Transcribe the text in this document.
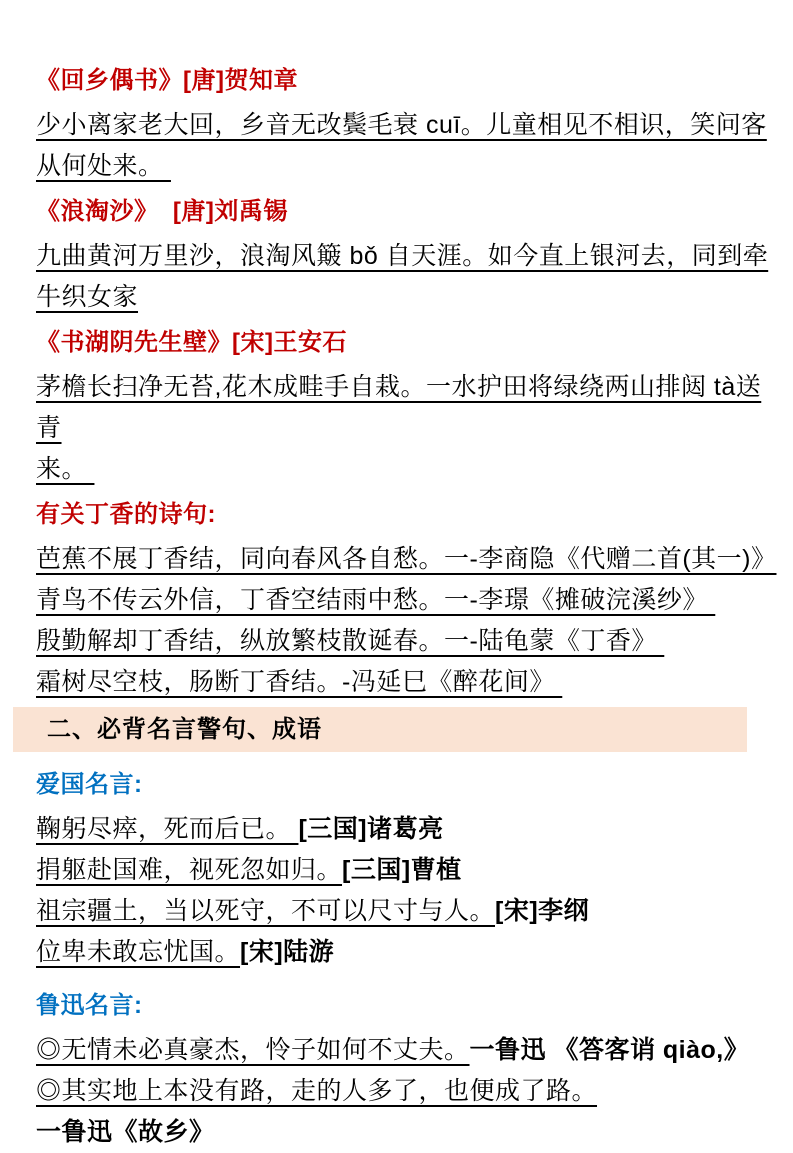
《回乡偶书》[唐]贺知章
少小离家老大回，乡音无改鬓毛衰 cuī。儿童相见不相识，笑问客
从何处来。
《浪淘沙》  [唐]刘禹锡
九曲黄河万里沙，浪淘风簸 bǒ 自天涯。如今直上银河去，同到牵
牛织女家
《书湖阴先生壁》[宋]王安石
茅檐长扫净无苔,花木成畦手自栽。一水护田将绿绕两山排闼 tà送青
来。
有关丁香的诗句:
芭蕉不展丁香结，同向春风各自愁。一-李商隐《代赠二首(其一)》
青鸟不传云外信，丁香空结雨中愁。一-李璟《摊破浣溪纱》
殷勤解却丁香结，纵放繁枝散诞春。一-陆龟蒙《丁香》
霜树尽空枝，肠断丁香结。-冯延巳《醉花间》
二、必背名言警句、成语
爱国名言:
鞠躬尽瘁，死而后已。 [三国]诸葛亮
捐躯赴国难，视死忽如归。[三国]曹植
祖宗疆土，当以死守，不可以尺寸与人。[宋]李纲
位卑未敢忘忧国。[宋]陆游
鲁迅名言:
◎无情未必真豪杰，怜子如何不丈夫。一鲁迅 《答客诮 qiào,》
◎其实地上本没有路，走的人多了，也便成了路。一鲁迅《故乡》
